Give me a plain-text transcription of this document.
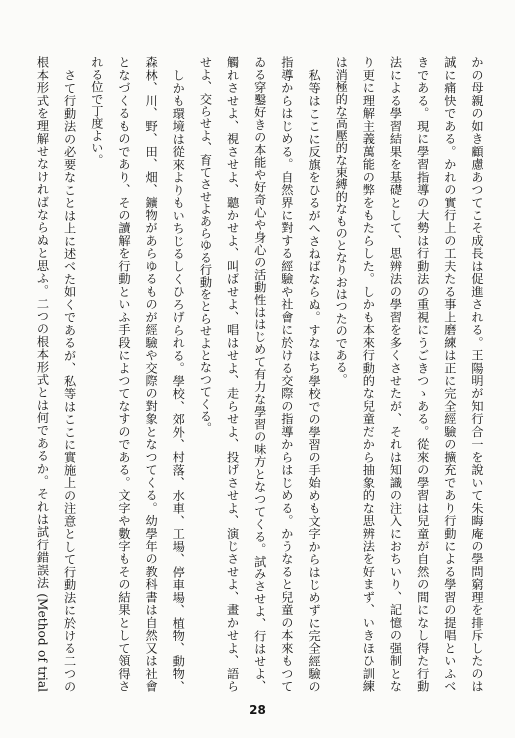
かの母親の如き顧慮あつてこそ成長は促進される。王陽明が知行合一を說いて朱晦庵の學問窮理を排斥したのは
誠に痛快である。かれの實行上の工夫たる事上磨練は正に完全經驗の擴充であり行動による學習の提唱といふべ
きである。現に學習指導の大勢は行動法の重視にうごきつゝある。從來の學習は兒童が自然の間になし得た行動
法による學習結果を基礎として、思辨法の學習を多くさせたが、それは知識の注入におちいり、記憶の强制とな
り更に理解主義萬能の弊をもたらした。しかも本來行動的な兒童だから抽象的な思辨法を好まず、いきほひ訓練
は消極的な高壓的な束縛的なものとなりおはつたのである。
私等はここに反旗をひるがへさねばならぬ。すなはち學校での學習の手始めも文字からはじめずに完全經驗の
指導からはじめる。自然界に對する經驗や社會に於ける交際の指導からはじめる。かうなると兒童の本來もつて
ゐる穿鑿好きの本能や好奇心や身心の活動性ははじめて有力な學習の味方となつてくる。試みさせよ、行はせよ、
觸れさせよ、視させよ、聽かせよ、叫ばせよ、唱はせよ、走らせよ、投げさせよ、演じさせよ、畫かせよ、語ら
せよ、交らせよ、育てさせよあらゆる行動をとらせよとなつてくる。
しかも環境は從來よりもいちじるしくひろげられる。學校、郊外、村落、水車、工場、停車場、植物、動物、
森林、川、野、田、畑、鑛物があらゆるものが經驗や交際の對象となつてくる。幼學年の教科書は自然又は社會
となづくるものであり、その讀解を行動といふ手段によつてなすのである。文字や數字もその結果として領得さ
れる位で丁度よい。
さて行動法の必要なことは上に述べた如くであるが、私等はここに實施上の注意として行動法に於ける二つの
根本形式を理解せなければならぬと思ふ。二つの根本形式とは何であるか。それは試行錯誤法 (Method of trial
28
